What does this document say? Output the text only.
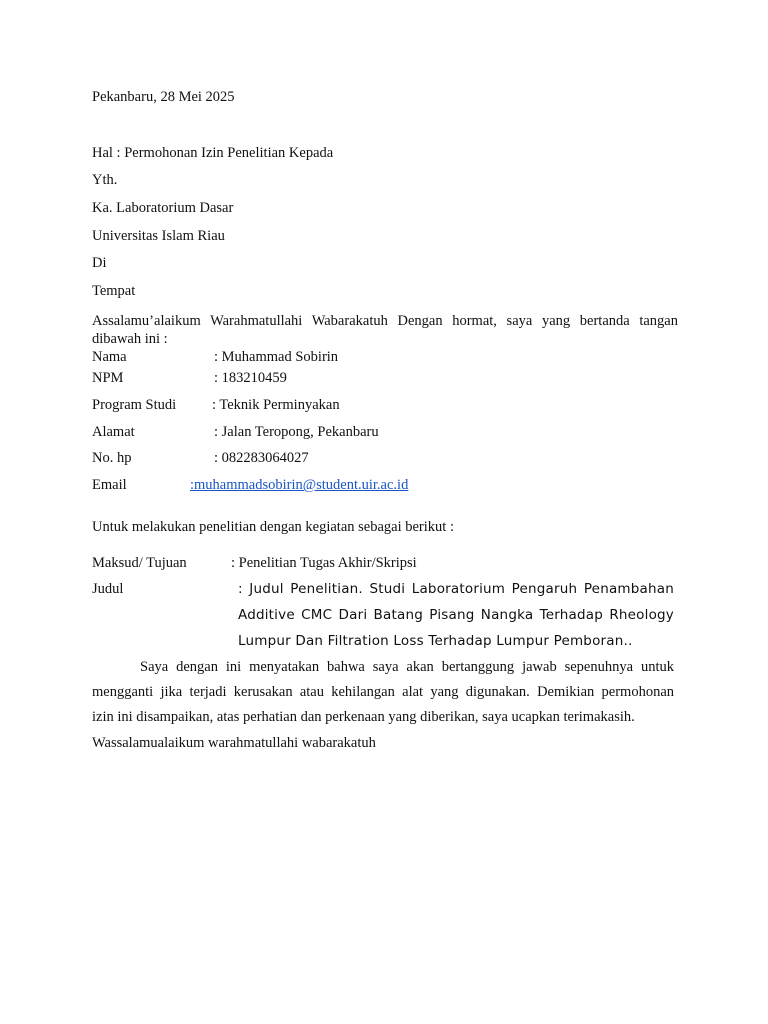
Pekanbaru, 28 Mei 2025
Hal : Permohonan Izin Penelitian Kepada
Yth.
Ka. Laboratorium Dasar
Universitas Islam Riau
Di
Tempat
Assalamu’alaikum Warahmatullahi Wabarakatuh Dengan hormat, saya yang bertanda tangan
dibawah ini :
Nama	: Muhammad Sobirin
NPM	: 183210459
Program Studi : Teknik Perminyakan
Alamat	: Jalan Teropong, Pekanbaru
No. hp	: 082283064027
Email	:muhammadsobirin@student.uir.ac.id
Untuk melakukan penelitian dengan kegiatan sebagai berikut :
Maksud/ Tujuan	: Penelitian Tugas Akhir/Skripsi
Judul	: Judul Penelitian. Studi Laboratorium Pengaruh Penambahan
Additive CMC Dari Batang Pisang Nangka Terhadap Rheology
Lumpur Dan Filtration Loss Terhadap Lumpur Pemboran..
Saya dengan ini menyatakan bahwa saya akan bertanggung jawab sepenuhnya untuk
mengganti jika terjadi kerusakan atau kehilangan alat yang digunakan. Demikian permohonan
izin ini disampaikan, atas perhatian dan perkenaan yang diberikan, saya ucapkan terimakasih.
Wassalamualaikum warahmatullahi wabarakatuh
